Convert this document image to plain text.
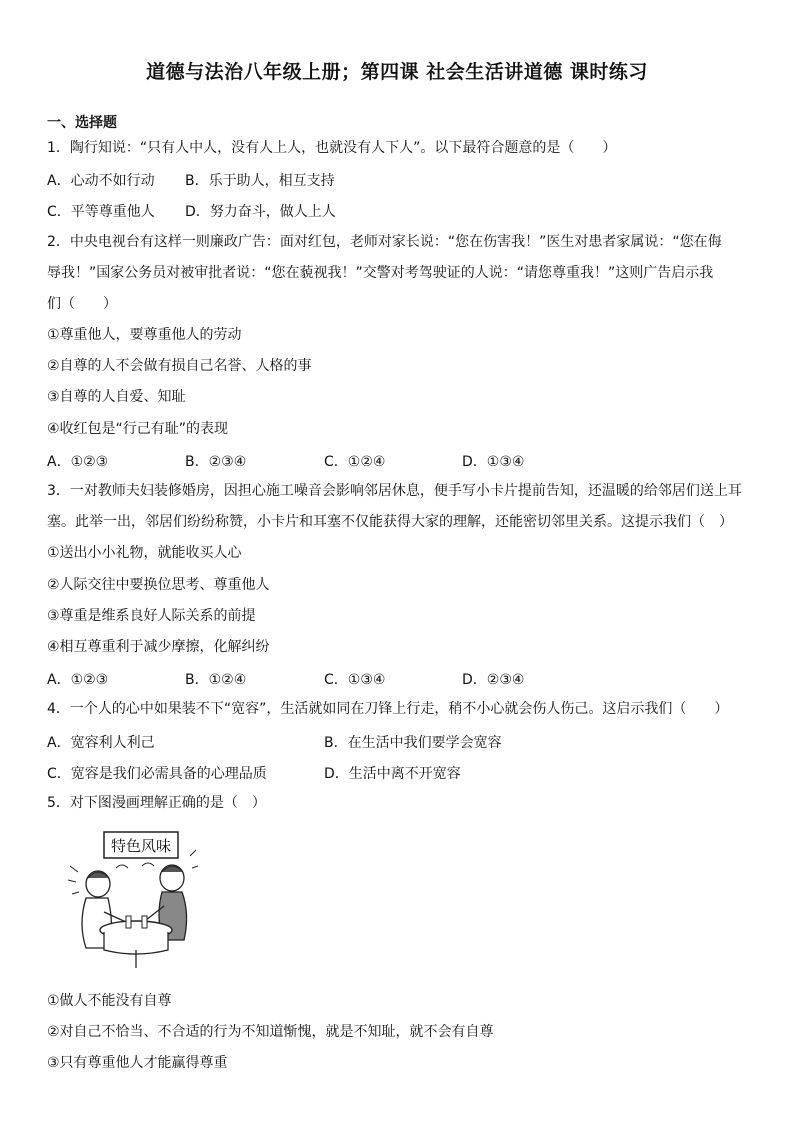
道德与法治八年级上册；第四课 社会生活讲道德 课时练习
一、选择题
1．陶行知说：“只有人中人，没有人上人，也就没有人下人”。以下最符合题意的是（　　）
A．心动不如行动 B．乐于助人，相互支持
C．平等尊重他人 D．努力奋斗，做人上人
2．中央电视台有这样一则廉政广告：面对红包，老师对家长说：“您在伤害我！”医生对患者家属说：“您在侮
辱我！”国家公务员对被审批者说：“您在藐视我！”交警对考驾驶证的人说：“请您尊重我！”这则广告启示我
们（　　）
①尊重他人，要尊重他人的劳动
②自尊的人不会做有损自己名誉、人格的事
③自尊的人自爱、知耻
④收红包是“行己有耻”的表现
A．①②③	B．②③④	C．①②④	D．①③④
3．一对教师夫妇装修婚房，因担心施工噪音会影响邻居休息，便手写小卡片提前告知，还温暖的给邻居们送上耳
塞。此举一出，邻居们纷纷称赞，小卡片和耳塞不仅能获得大家的理解，还能密切邻里关系。这提示我们（　）
①送出小小礼物，就能收买人心
②人际交往中要换位思考、尊重他人
③尊重是维系良好人际关系的前提
④相互尊重利于减少摩擦，化解纠纷
A．①②③	B．①②④	C．①③④	D．②③④
4．一个人的心中如果装不下“宽容”，生活就如同在刀锋上行走，稍不小心就会伤人伤己。这启示我们（　　）
A．宽容利人利己	B．在生活中我们要学会宽容
C．宽容是我们必需具备的心理品质	D．生活中离不开宽容
5．对下图漫画理解正确的是（　）
特色风味
①做人不能没有自尊
②对自己不恰当、不合适的行为不知道惭愧，就是不知耻，就不会有自尊
③只有尊重他人才能赢得尊重
